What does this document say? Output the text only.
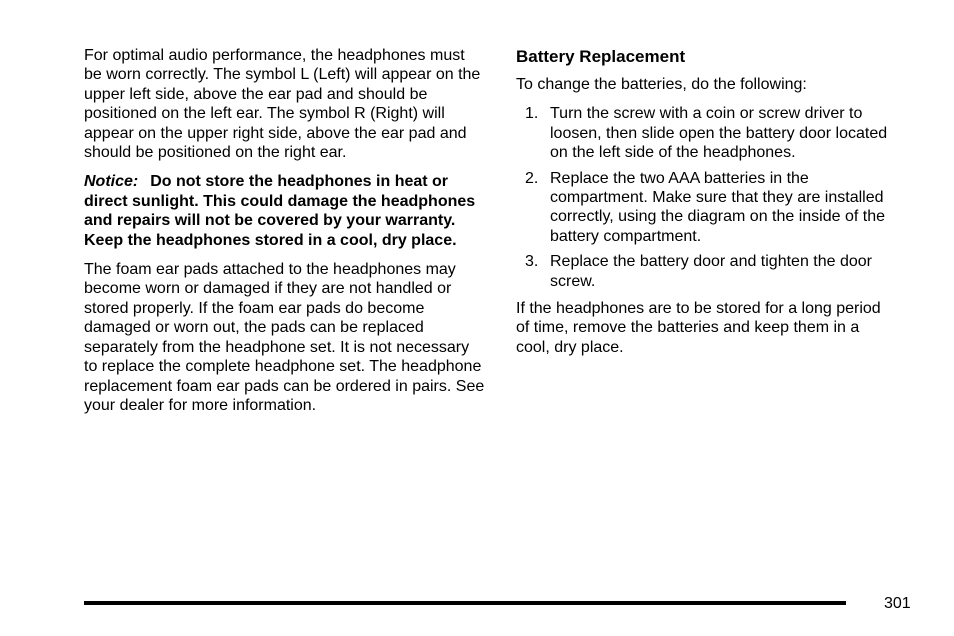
For optimal audio performance, the headphones must be worn correctly. The symbol L (Left) will appear on the upper left side, above the ear pad and should be positioned on the left ear. The symbol R (Right) will appear on the upper right side, above the ear pad and should be positioned on the right ear.

Notice: Do not store the headphones in heat or direct sunlight. This could damage the headphones and repairs will not be covered by your warranty. Keep the headphones stored in a cool, dry place.

The foam ear pads attached to the headphones may become worn or damaged if they are not handled or stored properly. If the foam ear pads do become damaged or worn out, the pads can be replaced separately from the headphone set. It is not necessary to replace the complete headphone set. The headphone replacement foam ear pads can be ordered in pairs. See your dealer for more information.

Battery Replacement

To change the batteries, do the following:

1. Turn the screw with a coin or screw driver to loosen, then slide open the battery door located on the left side of the headphones.
2. Replace the two AAA batteries in the compartment. Make sure that they are installed correctly, using the diagram on the inside of the battery compartment.
3. Replace the battery door and tighten the door screw.

If the headphones are to be stored for a long period of time, remove the batteries and keep them in a cool, dry place.

301
